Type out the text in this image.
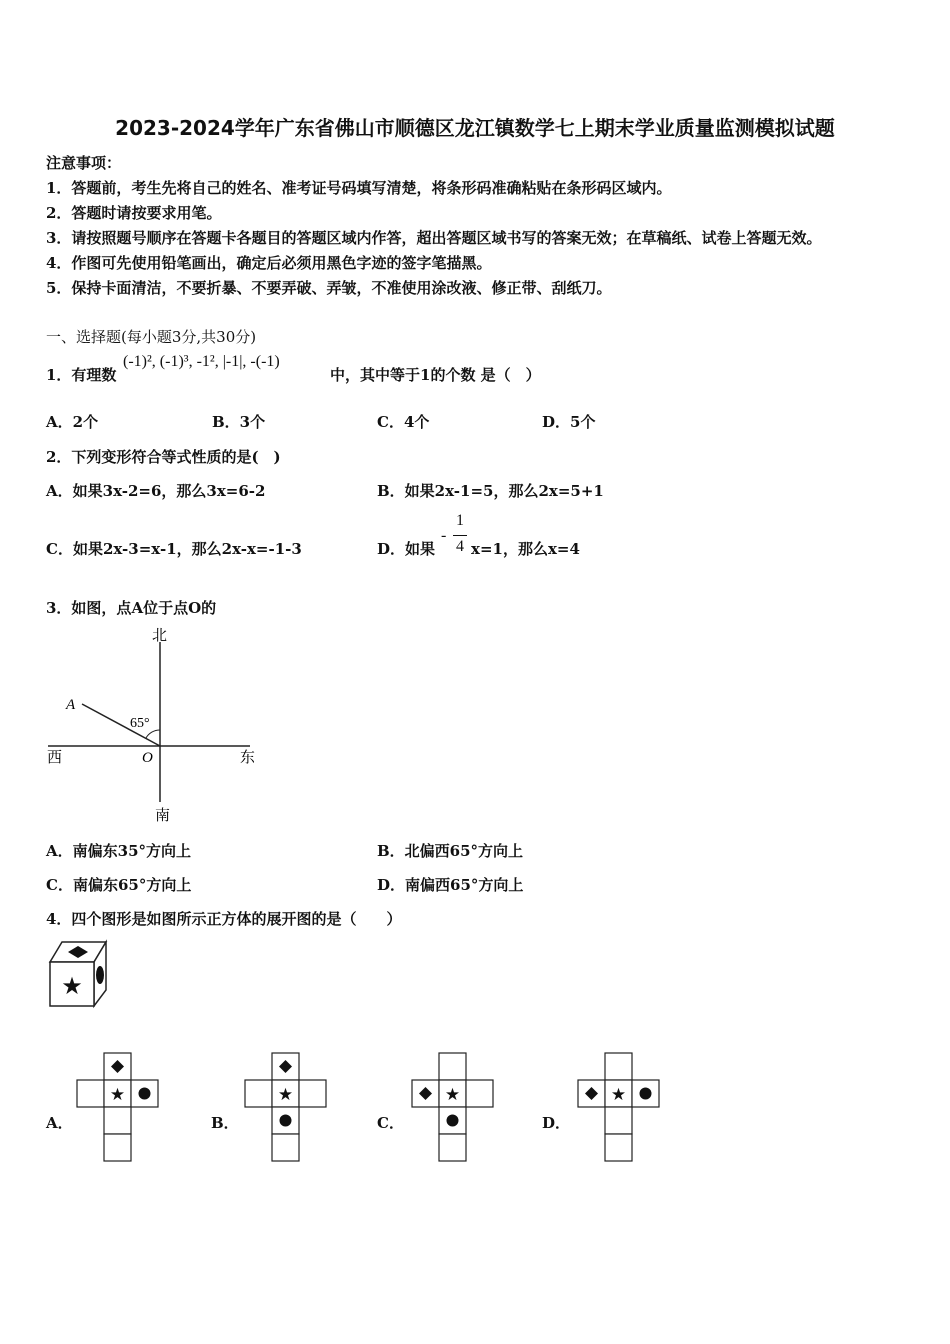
2023-2024学年广东省佛山市顺德区龙江镇数学七上期末学业质量监测模拟试题
注意事项：
1．答题前，考生先将自己的姓名、准考证号码填写清楚，将条形码准确粘贴在条形码区域内。
2．答题时请按要求用笔。
3．请按照题号顺序在答题卡各题目的答题区域内作答，超出答题区域书写的答案无效；在草稿纸、试卷上答题无效。
4．作图可先使用铅笔画出，确定后必须用黑色字迹的签字笔描黑。
5．保持卡面清洁，不要折暴、不要弄破、弄皱，不准使用涂改液、修正带、刮纸刀。
一、选择题(每小题3分,共30分)
1．有理数
(-1)², (-1)³, -1², |-1|, -(-1)
中，其中等于1的个数 是（　）
A．2个	B．3个	C．4个	D．5个
2．下列变形符合等式性质的是(　)
A．如果3x-2=6，那么3x=6-2	B．如果2x-1=5，那么2x=5+1
C．如果2x-3=x-1，那么2x-x=-1-3	D．如果
-
1
4 x=1，那么x=4
3．如图，点A位于点O的
北
南
西	东
A
O
65°
A．南偏东35°方向上	B．北偏西65°方向上
C．南偏东65°方向上	D．南偏西65°方向上
4．四个图形是如图所示正方体的展开图的是（　　）
★
A．
★
B．
★
C．
★
D．
★
